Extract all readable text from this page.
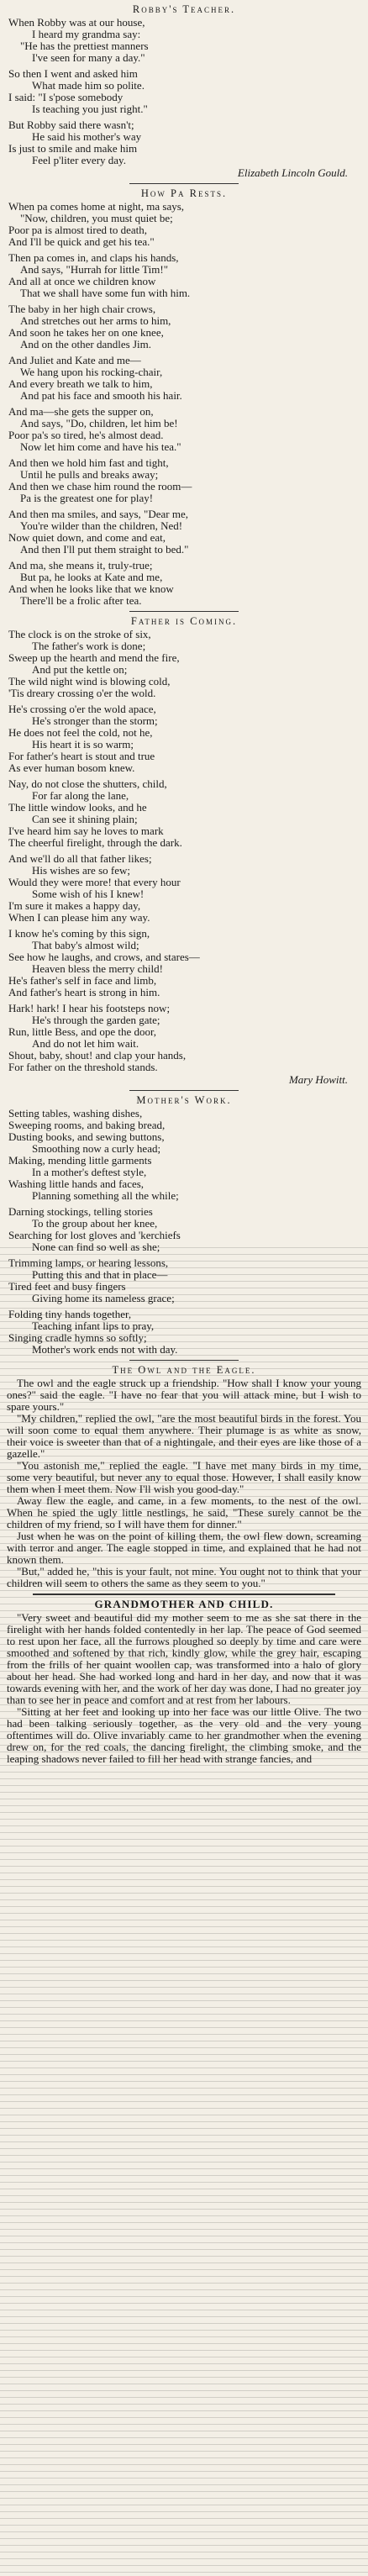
Robby's Teacher.
When Robby was at our house,
I heard my grandma say:
"He has the prettiest manners
I've seen for many a day."
So then I went and asked him
What made him so polite.
I said: "I s'pose somebody
Is teaching you just right."
But Robby said there wasn't;
He said his mother's way
Is just to smile and make him
Feel p'liter every day.
Elizabeth Lincoln Gould.
How Pa Rests.
When pa comes home at night, ma says,
"Now, children, you must quiet be;
Poor pa is almost tired to death,
And I'll be quick and get his tea."
Then pa comes in, and claps his hands,
And says, "Hurrah for little Tim!"
And all at once we children know
That we shall have some fun with him.
The baby in her high chair crows,
And stretches out her arms to him,
And soon he takes her on one knee,
And on the other dandles Jim.
And Juliet and Kate and me—
We hang upon his rocking-chair,
And every breath we talk to him,
And pat his face and smooth his hair.
And ma—she gets the supper on,
And says, "Do, children, let him be!
Poor pa's so tired, he's almost dead.
Now let him come and have his tea."
And then we hold him fast and tight,
Until he pulls and breaks away;
And then we chase him round the room—
Pa is the greatest one for play!
And then ma smiles, and says, "Dear me,
You're wilder than the children, Ned!
Now quiet down, and come and eat,
And then I'll put them straight to bed."
And ma, she means it, truly-true;
But pa, he looks at Kate and me,
And when he looks like that we know
There'll be a frolic after tea.
Father is Coming.
The clock is on the stroke of six,
The father's work is done;
Sweep up the hearth and mend the fire,
And put the kettle on;
The wild night wind is blowing cold,
'Tis dreary crossing o'er the wold.
He's crossing o'er the wold apace,
He's stronger than the storm;
He does not feel the cold, not he,
His heart it is so warm;
For father's heart is stout and true
As ever human bosom knew.
Nay, do not close the shutters, child,
For far along the lane,
The little window looks, and he
Can see it shining plain;
I've heard him say he loves to mark
The cheerful firelight, through the dark.
And we'll do all that father likes;
His wishes are so few;
Would they were more! that every hour
Some wish of his I knew!
I'm sure it makes a happy day,
When I can please him any way.
I know he's coming by this sign,
That baby's almost wild;
See how he laughs, and crows, and stares—
Heaven bless the merry child!
He's father's self in face and limb,
And father's heart is strong in him.
Hark! hark! I hear his footsteps now;
He's through the garden gate;
Run, little Bess, and ope the door,
And do not let him wait.
Shout, baby, shout! and clap your hands,
For father on the threshold stands.
Mary Howitt.
Mother's Work.
Setting tables, washing dishes,
Sweeping rooms, and baking bread,
Dusting books, and sewing buttons,
Smoothing now a curly head;
Making, mending little garments
In a mother's deftest style,
Washing little hands and faces,
Planning something all the while;
Darning stockings, telling stories
To the group about her knee,
Searching for lost gloves and 'kerchiefs
None can find so well as she;
Trimming lamps, or hearing lessons,
Putting this and that in place—
Tired feet and busy fingers
Giving home its nameless grace;
Folding tiny hands together,
Teaching infant lips to pray,
Singing cradle hymns so softly;
Mother's work ends not with day.
The Owl and the Eagle.

The owl and the eagle struck up a friendship. "How shall I know your young ones?" said the eagle. "I have no fear that you will attack mine, but I wish to spare yours."

"My children," replied the owl, "are the most beautiful birds in the forest. You will soon come to equal them anywhere. Their plumage is as white as snow, their voice is sweeter than that of a nightingale, and their eyes are like those of a gazelle."

"You astonish me," replied the eagle. "I have met many birds in my time, some very beautiful, but never any to equal those. However, I shall easily know them when I meet them. Now I'll wish you good-day."

Away flew the eagle, and came, in a few moments, to the nest of the owl. When he spied the ugly little nestlings, he said, "These surely cannot be the children of my friend, so I will have them for dinner."

Just when he was on the point of killing them, the owl flew down, screaming with terror and anger. The eagle stopped in time, and explained that he had not known them.

"But," added he, "this is your fault, not mine. You ought not to think that your children will seem to others the same as they seem to you."

GRANDMOTHER AND CHILD.

"Very sweet and beautiful did my mother seem to me as she sat there in the firelight with her hands folded contentedly in her lap. The peace of God seemed to rest upon her face, all the furrows ploughed so deeply by time and care were smoothed and softened by that rich, kindly glow, while the grey hair, escaping from the frills of her quaint woollen cap, was transformed into a halo of glory about her head. She had worked long and hard in her day, and now that it was towards evening with her, and the work of her day was done, I had no greater joy than to see her in peace and comfort and at rest from her labours.

"Sitting at her feet and looking up into her face was our little Olive. The two had been talking seriously together, as the very old and the very young oftentimes will do. Olive invariably came to her grandmother when the evening drew on, for the red coals, the dancing firelight, the climbing smoke, and the leaping shadows never failed to fill her head with strange fancies, and
